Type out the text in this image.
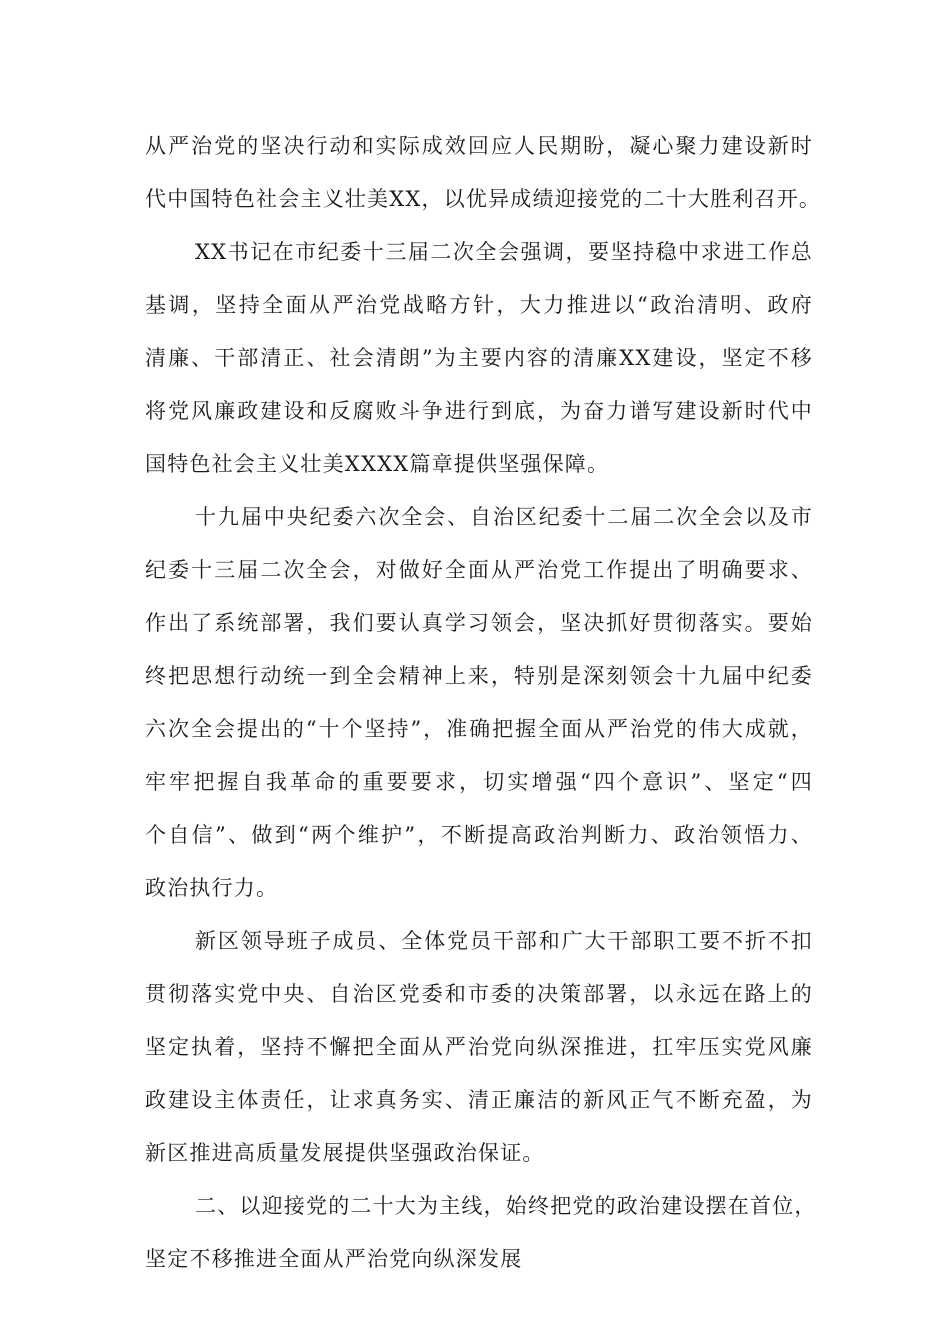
从严治党的坚决行动和实际成效回应人民期盼，凝心聚力建设新时
代中国特色社会主义壮美XX，以优异成绩迎接党的二十大胜利召开。
XX书记在市纪委十三届二次全会强调，要坚持稳中求进工作总
基调，坚持全面从严治党战略方针，大力推进以“政治清明、政府
清廉、干部清正、社会清朗”为主要内容的清廉XX建设，坚定不移
将党风廉政建设和反腐败斗争进行到底，为奋力谱写建设新时代中
国特色社会主义壮美XXXX篇章提供坚强保障。
十九届中央纪委六次全会、自治区纪委十二届二次全会以及市
纪委十三届二次全会，对做好全面从严治党工作提出了明确要求、
作出了系统部署，我们要认真学习领会，坚决抓好贯彻落实。要始
终把思想行动统一到全会精神上来，特别是深刻领会十九届中纪委
六次全会提出的“十个坚持”，准确把握全面从严治党的伟大成就，
牢牢把握自我革命的重要要求，切实增强“四个意识”、坚定“四
个自信”、做到“两个维护”，不断提高政治判断力、政治领悟力、
政治执行力。
新区领导班子成员、全体党员干部和广大干部职工要不折不扣
贯彻落实党中央、自治区党委和市委的决策部署，以永远在路上的
坚定执着，坚持不懈把全面从严治党向纵深推进，扛牢压实党风廉
政建设主体责任，让求真务实、清正廉洁的新风正气不断充盈，为
新区推进高质量发展提供坚强政治保证。
二、以迎接党的二十大为主线，始终把党的政治建设摆在首位，
坚定不移推进全面从严治党向纵深发展
